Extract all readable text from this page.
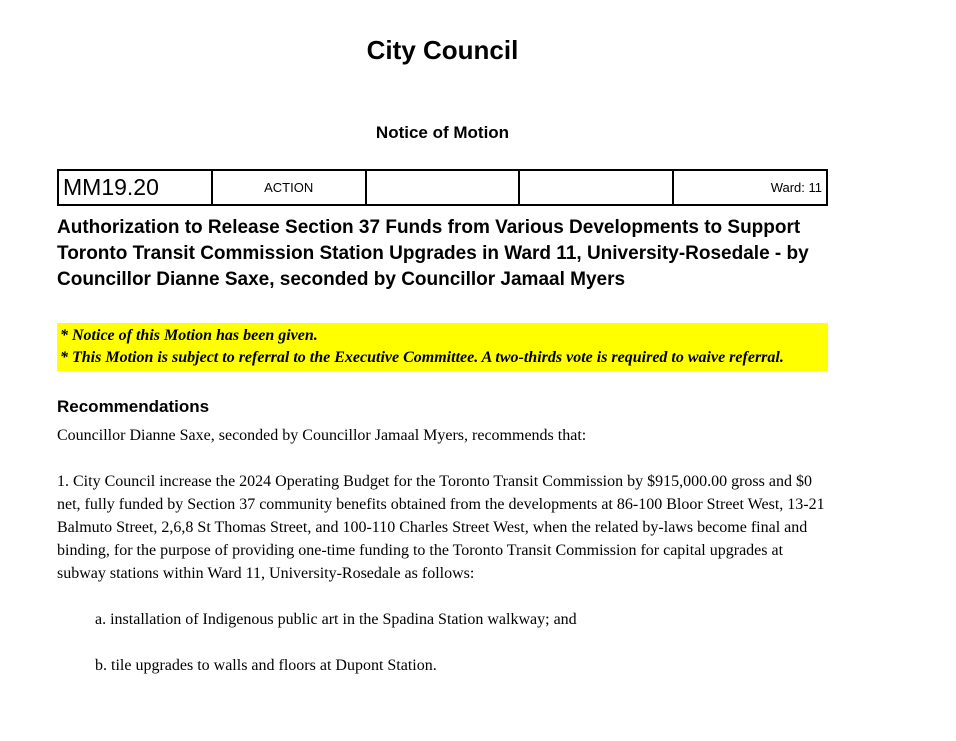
City Council
Notice of Motion
MM19.20	ACTION			Ward: 11
Authorization to Release Section 37 Funds from Various Developments to Support Toronto Transit Commission Station Upgrades in Ward 11, University-Rosedale - by Councillor Dianne Saxe, seconded by Councillor Jamaal Myers
* Notice of this Motion has been given.
* This Motion is subject to referral to the Executive Committee. A two-thirds vote is required to waive referral.
Recommendations
Councillor Dianne Saxe, seconded by Councillor Jamaal Myers, recommends that:
1. City Council increase the 2024 Operating Budget for the Toronto Transit Commission by $915,000.00 gross and $0 net, fully funded by Section 37 community benefits obtained from the developments at 86-100 Bloor Street West, 13-21 Balmuto Street, 2,6,8 St Thomas Street, and 100-110 Charles Street West, when the related by-laws become final and binding, for the purpose of providing one-time funding to the Toronto Transit Commission for capital upgrades at subway stations within Ward 11, University-Rosedale as follows:
a. installation of Indigenous public art in the Spadina Station walkway; and
b. tile upgrades to walls and floors at Dupont Station.
